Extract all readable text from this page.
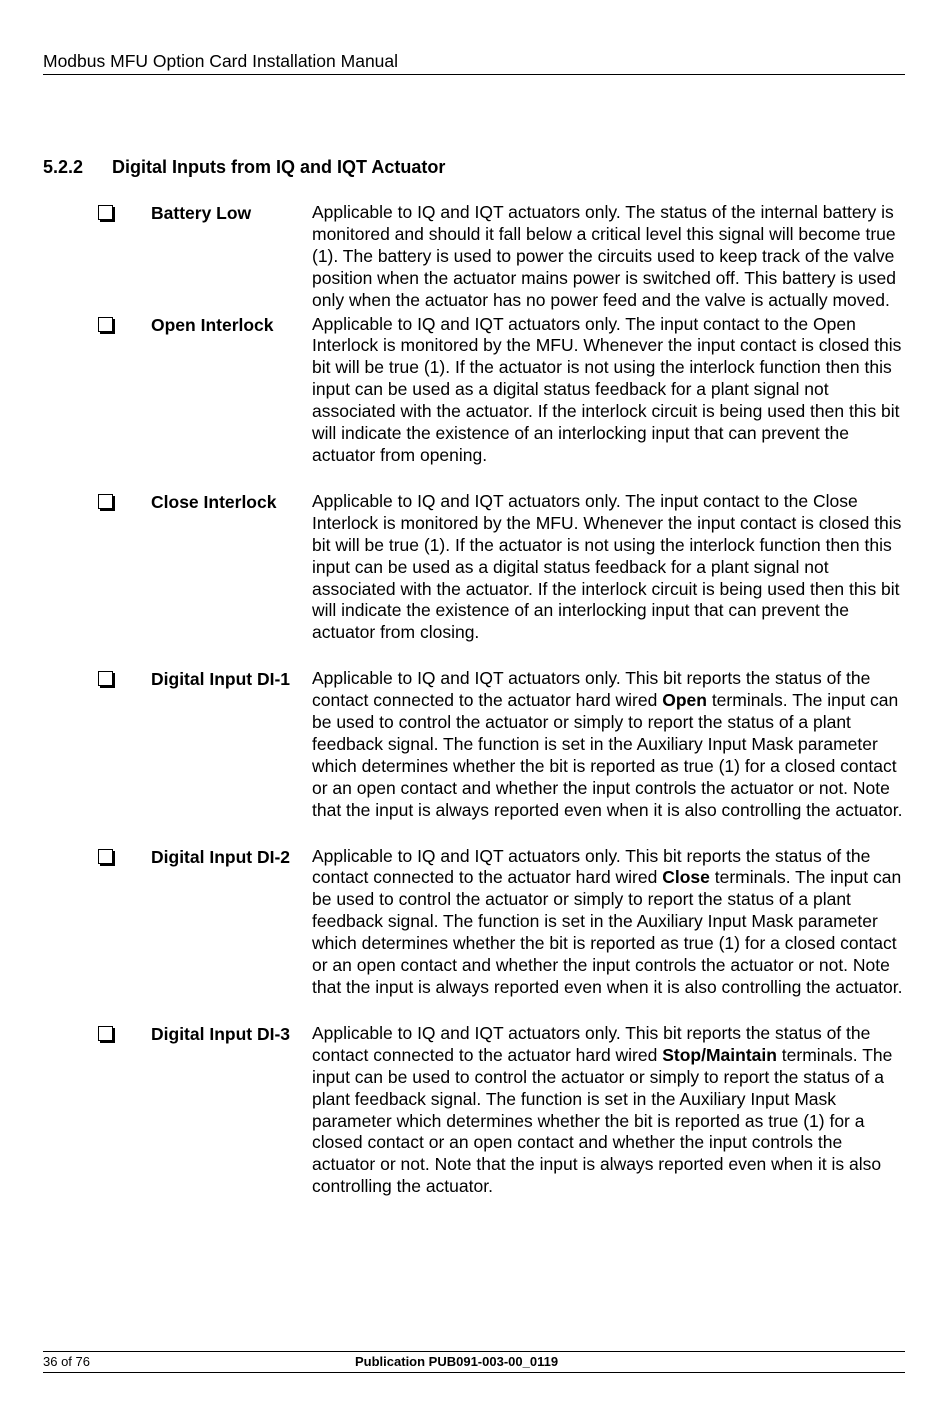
Modbus MFU Option Card Installation Manual
5.2.2 Digital Inputs from IQ and IQT Actuator
Battery Low	Applicable to IQ and IQT actuators only. The status of the internal battery is monitored and should it fall below a critical level this signal will become true (1). The battery is used to power the circuits used to keep track of the valve position when the actuator mains power is switched off. This battery is used only when the actuator has no power feed and the valve is actually moved.
Open Interlock Applicable to IQ and IQT actuators only. The input contact to the Open Interlock is monitored by the MFU. Whenever the input contact is closed this bit will be true (1). If the actuator is not using the interlock function then this input can be used as a digital status feedback for a plant signal not associated with the actuator. If the interlock circuit is being used then this bit will indicate the existence of an interlocking input that can prevent the actuator from opening.
Close Interlock Applicable to IQ and IQT actuators only. The input contact to the Close Interlock is monitored by the MFU. Whenever the input contact is closed this bit will be true (1). If the actuator is not using the interlock function then this input can be used as a digital status feedback for a plant signal not associated with the actuator. If the interlock circuit is being used then this bit will indicate the existence of an interlocking input that can prevent the actuator from closing.
Digital Input DI-1 Applicable to IQ and IQT actuators only. This bit reports the status of the contact connected to the actuator hard wired Open terminals. The input can be used to control the actuator or simply to report the status of a plant feedback signal. The function is set in the Auxiliary Input Mask parameter which determines whether the bit is reported as true (1) for a closed contact or an open contact and whether the input controls the actuator or not. Note that the input is always reported even when it is also controlling the actuator.
Digital Input DI-2 Applicable to IQ and IQT actuators only. This bit reports the status of the contact connected to the actuator hard wired Close terminals. The input can be used to control the actuator or simply to report the status of a plant feedback signal. The function is set in the Auxiliary Input Mask parameter which determines whether the bit is reported as true (1) for a closed contact or an open contact and whether the input controls the actuator or not. Note that the input is always reported even when it is also controlling the actuator.
Digital Input DI-3 Applicable to IQ and IQT actuators only. This bit reports the status of the contact connected to the actuator hard wired Stop/Maintain terminals. The input can be used to control the actuator or simply to report the status of a plant feedback signal. The function is set in the Auxiliary Input Mask parameter which determines whether the bit is reported as true (1) for a closed contact or an open contact and whether the input controls the actuator or not. Note that the input is always reported even when it is also controlling the actuator.
36 of 76	Publication PUB091-003-00_0119
